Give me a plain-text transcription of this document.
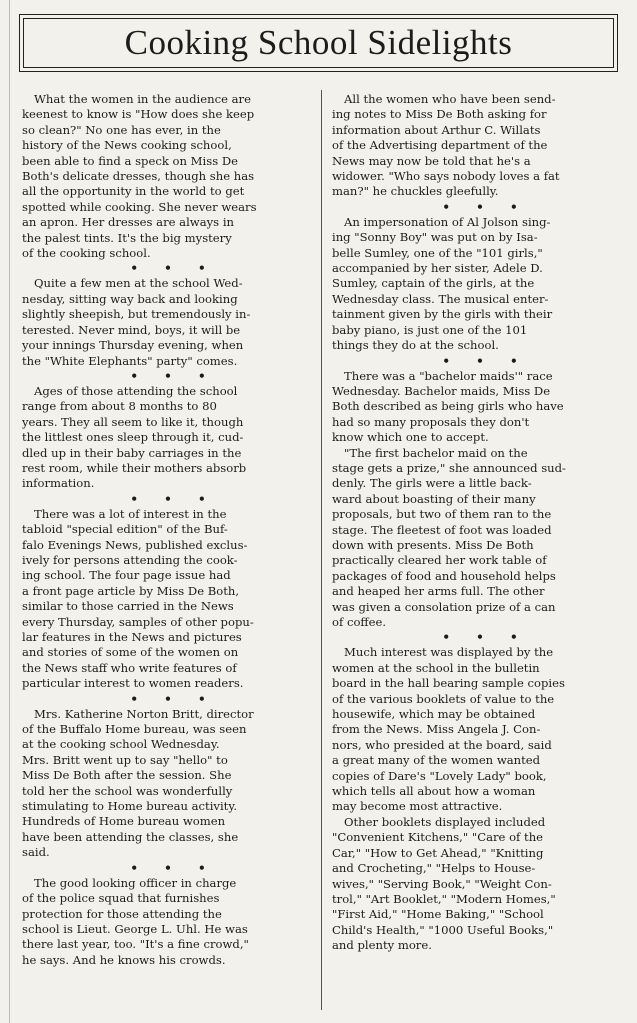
Cooking School Sidelights

What the women in the audience are
keenest to know is "How does she keep
so clean?" No one has ever, in the
history of the News cooking school,
been able to find a speck on Miss De
Both's delicate dresses, though she has
all the opportunity in the world to get
spotted while cooking. She never wears
an apron. Her dresses are always in
the palest tints. It's the big mystery
of the cooking school.

• • •

Quite a few men at the school Wed-
nesday, sitting way back and looking
slightly sheepish, but tremendously in-
terested. Never mind, boys, it will be
your innings Thursday evening, when
the "White Elephants" party" comes.

• • •

Ages of those attending the school
range from about 8 months to 80
years. They all seem to like it, though
the littlest ones sleep through it, cud-
dled up in their baby carriages in the
rest room, while their mothers absorb
information.

• • •

There was a lot of interest in the
tabloid "special edition" of the Buf-
falo Evenings News, published exclus-
ively for persons attending the cook-
ing school. The four page issue had
a front page article by Miss De Both,
similar to those carried in the News
every Thursday, samples of other popu-
lar features in the News and pictures
and stories of some of the women on
the News staff who write features of
particular interest to women readers.

• • •

Mrs. Katherine Norton Britt, director
of the Buffalo Home bureau, was seen
at the cooking school Wednesday.
Mrs. Britt went up to say "hello" to
Miss De Both after the session. She
told her the school was wonderfully
stimulating to Home bureau activity.
Hundreds of Home bureau women
have been attending the classes, she
said.

• • •

The good looking officer in charge
of the police squad that furnishes
protection for those attending the
school is Lieut. George L. Uhl. He was
there last year, too. "It's a fine crowd,"
he says. And he knows his crowds.

All the women who have been send-
ing notes to Miss De Both asking for
information about Arthur C. Willats
of the Advertising department of the
News may now be told that he's a
widower. "Who says nobody loves a fat
man?" he chuckles gleefully.

• • •

An impersonation of Al Jolson sing-
ing "Sonny Boy" was put on by Isa-
belle Sumley, one of the "101 girls,"
accompanied by her sister, Adele D.
Sumley, captain of the girls, at the
Wednesday class. The musical enter-
tainment given by the girls with their
baby piano, is just one of the 101
things they do at the school.

• • •

There was a "bachelor maids'" race
Wednesday. Bachelor maids, Miss De
Both described as being girls who have
had so many proposals they don't
know which one to accept.

"The first bachelor maid on the
stage gets a prize," she announced sud-
denly. The girls were a little back-
ward about boasting of their many
proposals, but two of them ran to the
stage. The fleetest of foot was loaded
down with presents. Miss De Both
practically cleared her work table of
packages of food and household helps
and heaped her arms full. The other
was given a consolation prize of a can
of coffee.

• • •

Much interest was displayed by the
women at the school in the bulletin
board in the hall bearing sample copies
of the various booklets of value to the
housewife, which may be obtained
from the News. Miss Angela J. Con-
nors, who presided at the board, said
a great many of the women wanted
copies of Dare's "Lovely Lady" book,
which tells all about how a woman
may become most attractive.

Other booklets displayed included
"Convenient Kitchens," "Care of the
Car," "How to Get Ahead," "Knitting
and Crocheting," "Helps to House-
wives," "Serving Book," "Weight Con-
trol," "Art Booklet," "Modern Homes,"
"First Aid," "Home Baking," "School
Child's Health," "1000 Useful Books,"
and plenty more.
